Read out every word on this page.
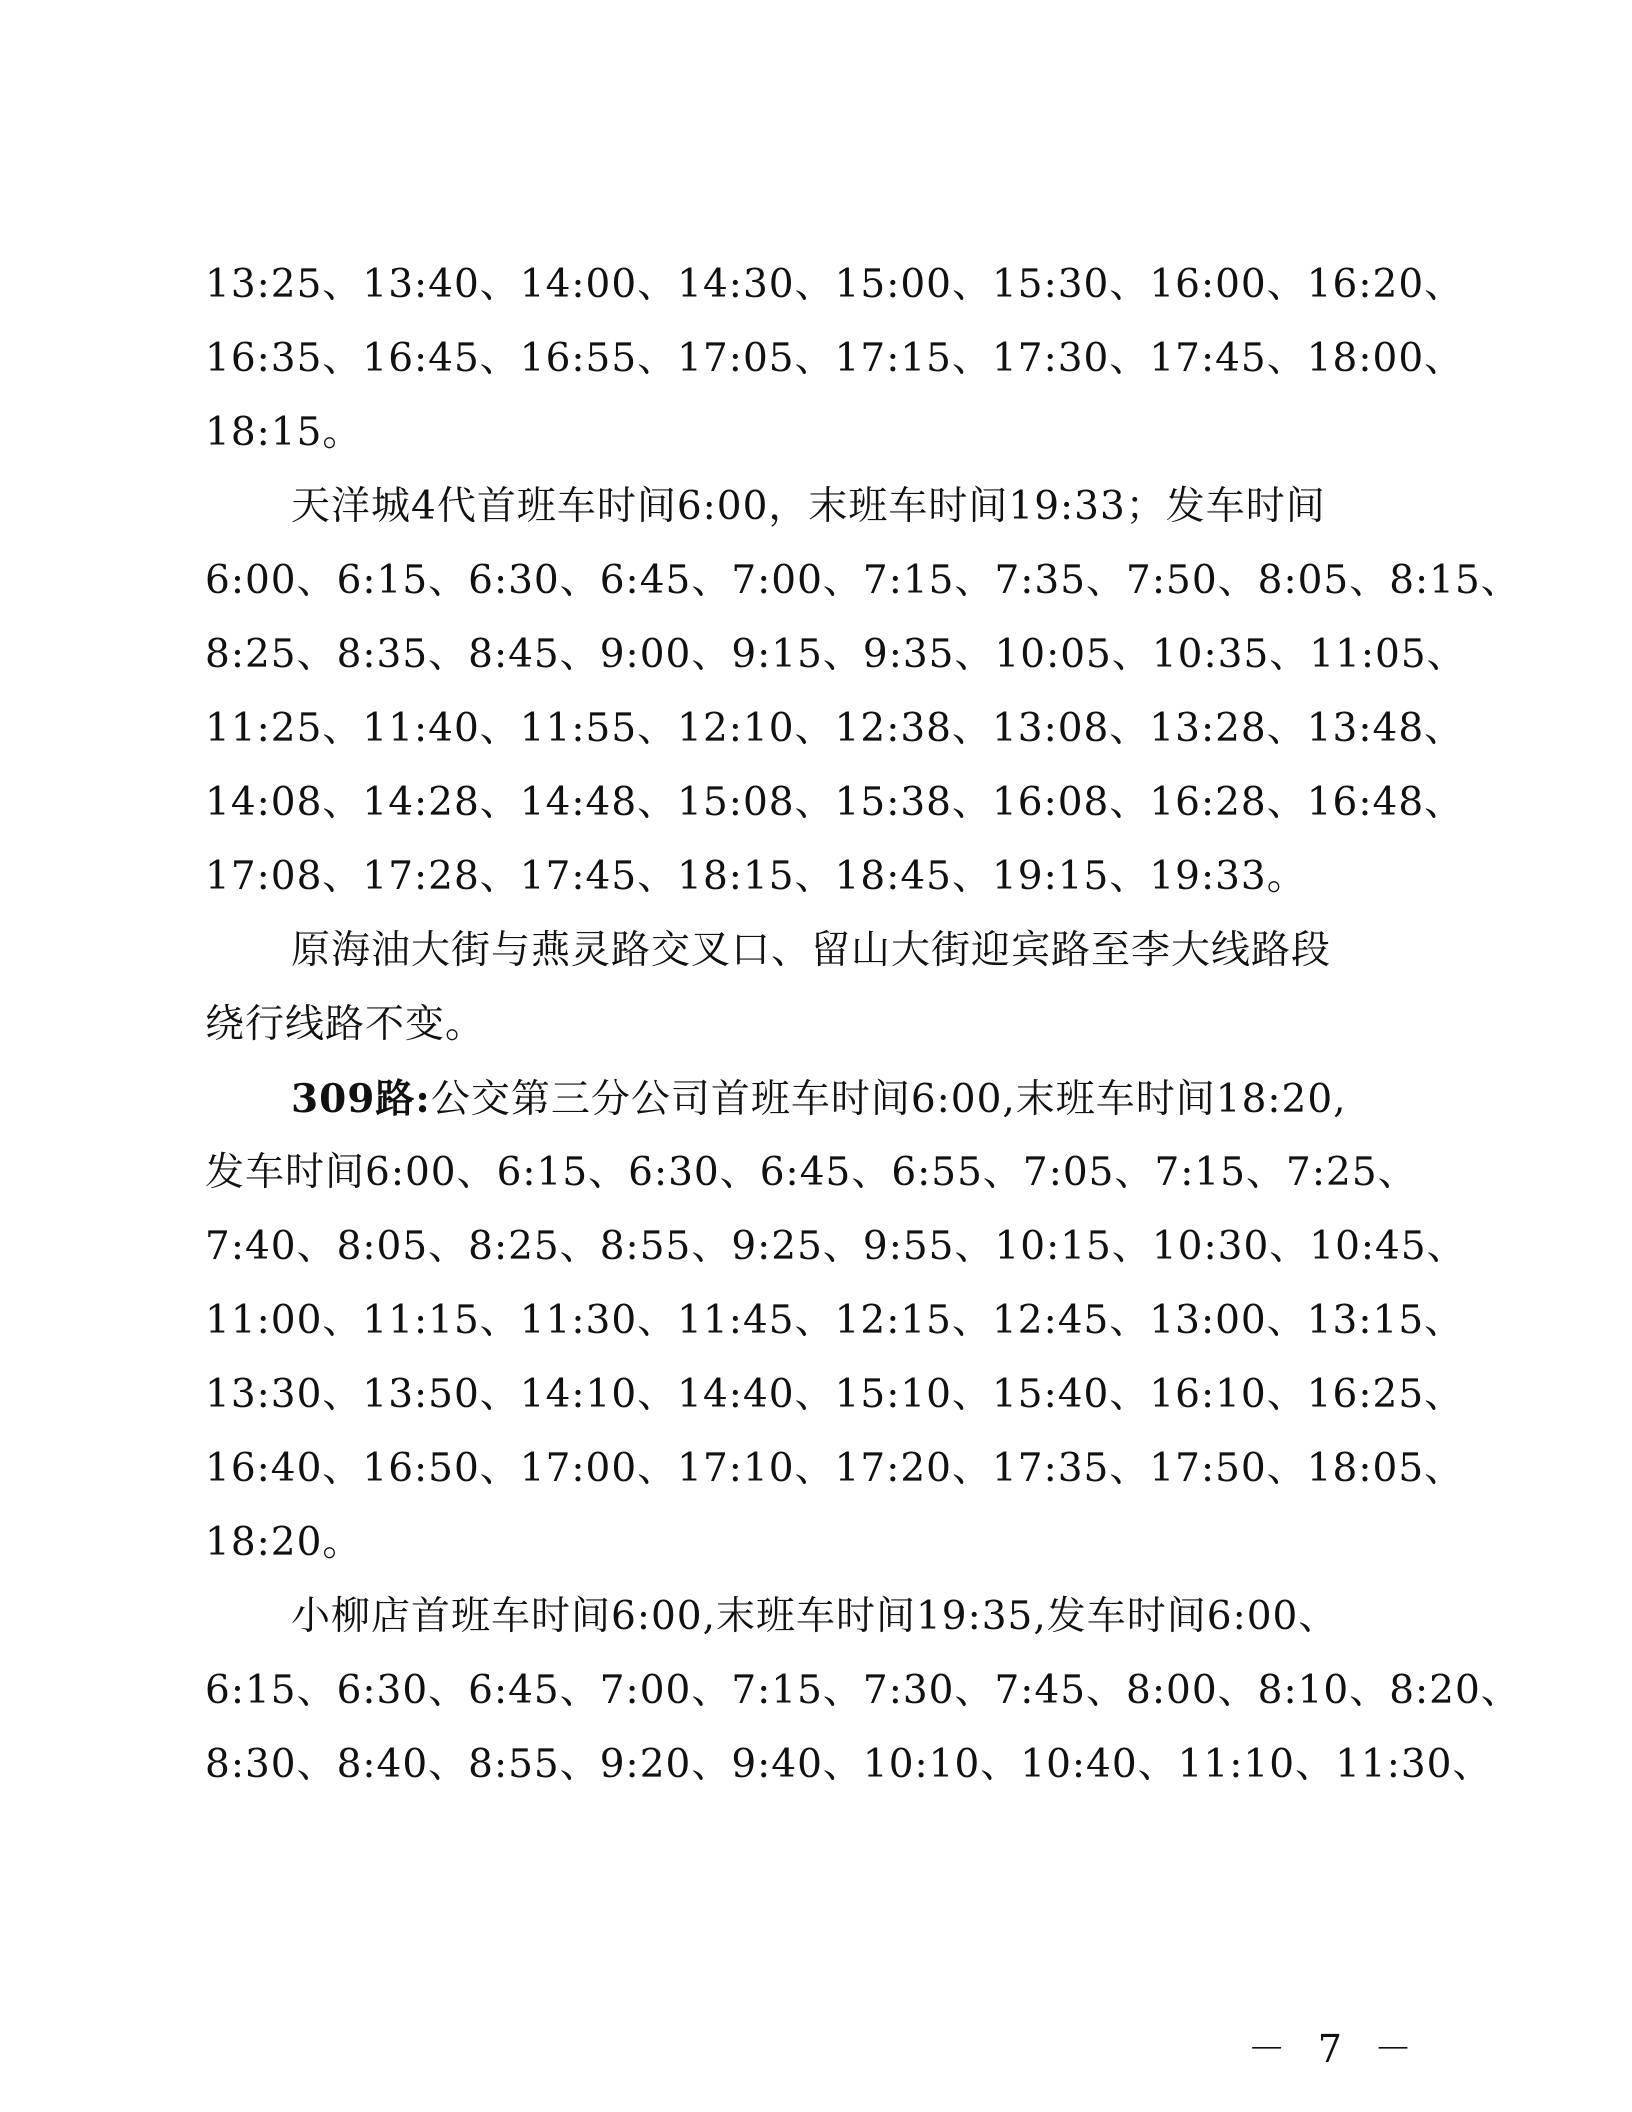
13:25、13:40、14:00、14:30、15:00、15:30、16:00、16:20、
16:35、16:45、16:55、17:05、17:15、17:30、17:45、18:00、
18:15。
天洋城4代首班车时间6:00，末班车时间19:33；发车时间
6:00、6:15、6:30、6:45、7:00、7:15、7:35、7:50、8:05、8:15、
8:25、8:35、8:45、9:00、9:15、9:35、10:05、10:35、11:05、
11:25、11:40、11:55、12:10、12:38、13:08、13:28、13:48、
14:08、14:28、14:48、15:08、15:38、16:08、16:28、16:48、
17:08、17:28、17:45、18:15、18:45、19:15、19:33。
原海油大街与燕灵路交叉口、留山大街迎宾路至李大线路段
绕行线路不变。
309路:公交第三分公司首班车时间6:00,末班车时间18:20,
发车时间6:00、6:15、6:30、6:45、6:55、7:05、7:15、7:25、
7:40、8:05、8:25、8:55、9:25、9:55、10:15、10:30、10:45、
11:00、11:15、11:30、11:45、12:15、12:45、13:00、13:15、
13:30、13:50、14:10、14:40、15:10、15:40、16:10、16:25、
16:40、16:50、17:00、17:10、17:20、17:35、17:50、18:05、
18:20。
小柳店首班车时间6:00,末班车时间19:35,发车时间6:00、
6:15、6:30、6:45、7:00、7:15、7:30、7:45、8:00、8:10、8:20、
8:30、8:40、8:55、9:20、9:40、10:10、10:40、11:10、11:30、
－ 7 －
